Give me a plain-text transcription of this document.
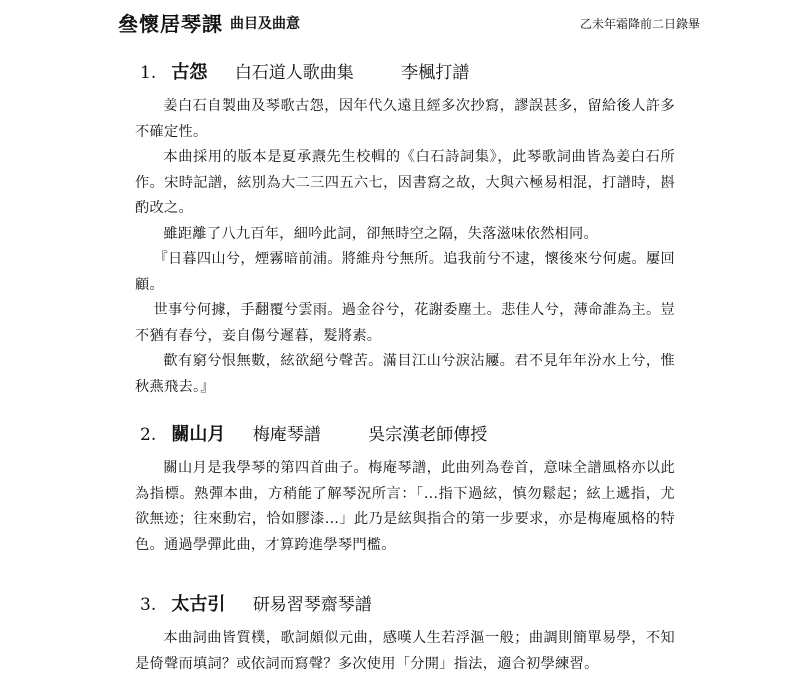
叄懷居琴課 曲目及曲意	乙未年霜降前二日錄畢
1. 古怨 白石道人歌曲集	李楓打譜

姜白石自製曲及琴歌古怨，因年代久遠且經多次抄寫，謬誤甚多，留給後人許多不確定性。

本曲採用的版本是夏承燾先生校輯的《白石詩詞集》，此琴歌詞曲皆為姜白石所作。宋時記譜，絃別為大二三四五六七，因書寫之故，大與六極易相混，打譜時，斟酌改之。

雖距離了八九百年，細吟此詞，卻無時空之隔，失落滋味依然相同。

『日暮四山兮，煙霧暗前浦。將維舟兮無所。追我前兮不逮，懷後來兮何處。屢回顧。

世事兮何據，手翻覆兮雲雨。過金谷兮，花謝委塵土。悲佳人兮，薄命誰為主。豈不猶有春兮，妾自傷兮遲暮，髮將素。

歡有窮兮恨無數，絃欲絕兮聲苦。滿目江山兮淚沾屨。君不見年年汾水上兮，惟秋燕飛去。』

2. 關山月 梅庵琴譜	吳宗漢老師傳授

關山月是我學琴的第四首曲子。梅庵琴譜，此曲列為卷首，意味全譜風格亦以此為指標。熟彈本曲，方稍能了解琴況所言：「...指下過絃，慎勿鬆起；絃上遞指，尤欲無迹；往來動宕，恰如膠漆…」此乃是絃與指合的第一步要求，亦是梅庵風格的特色。通過學彈此曲，才算跨進學琴門檻。

3. 太古引 研易習琴齋琴譜

本曲詞曲皆質樸，歌詞頗似元曲，感嘆人生若浮漚一般；曲調則簡單易學，不知是倚聲而填詞？或依詞而寫聲？多次使用「分開」指法，適合初學練習。
